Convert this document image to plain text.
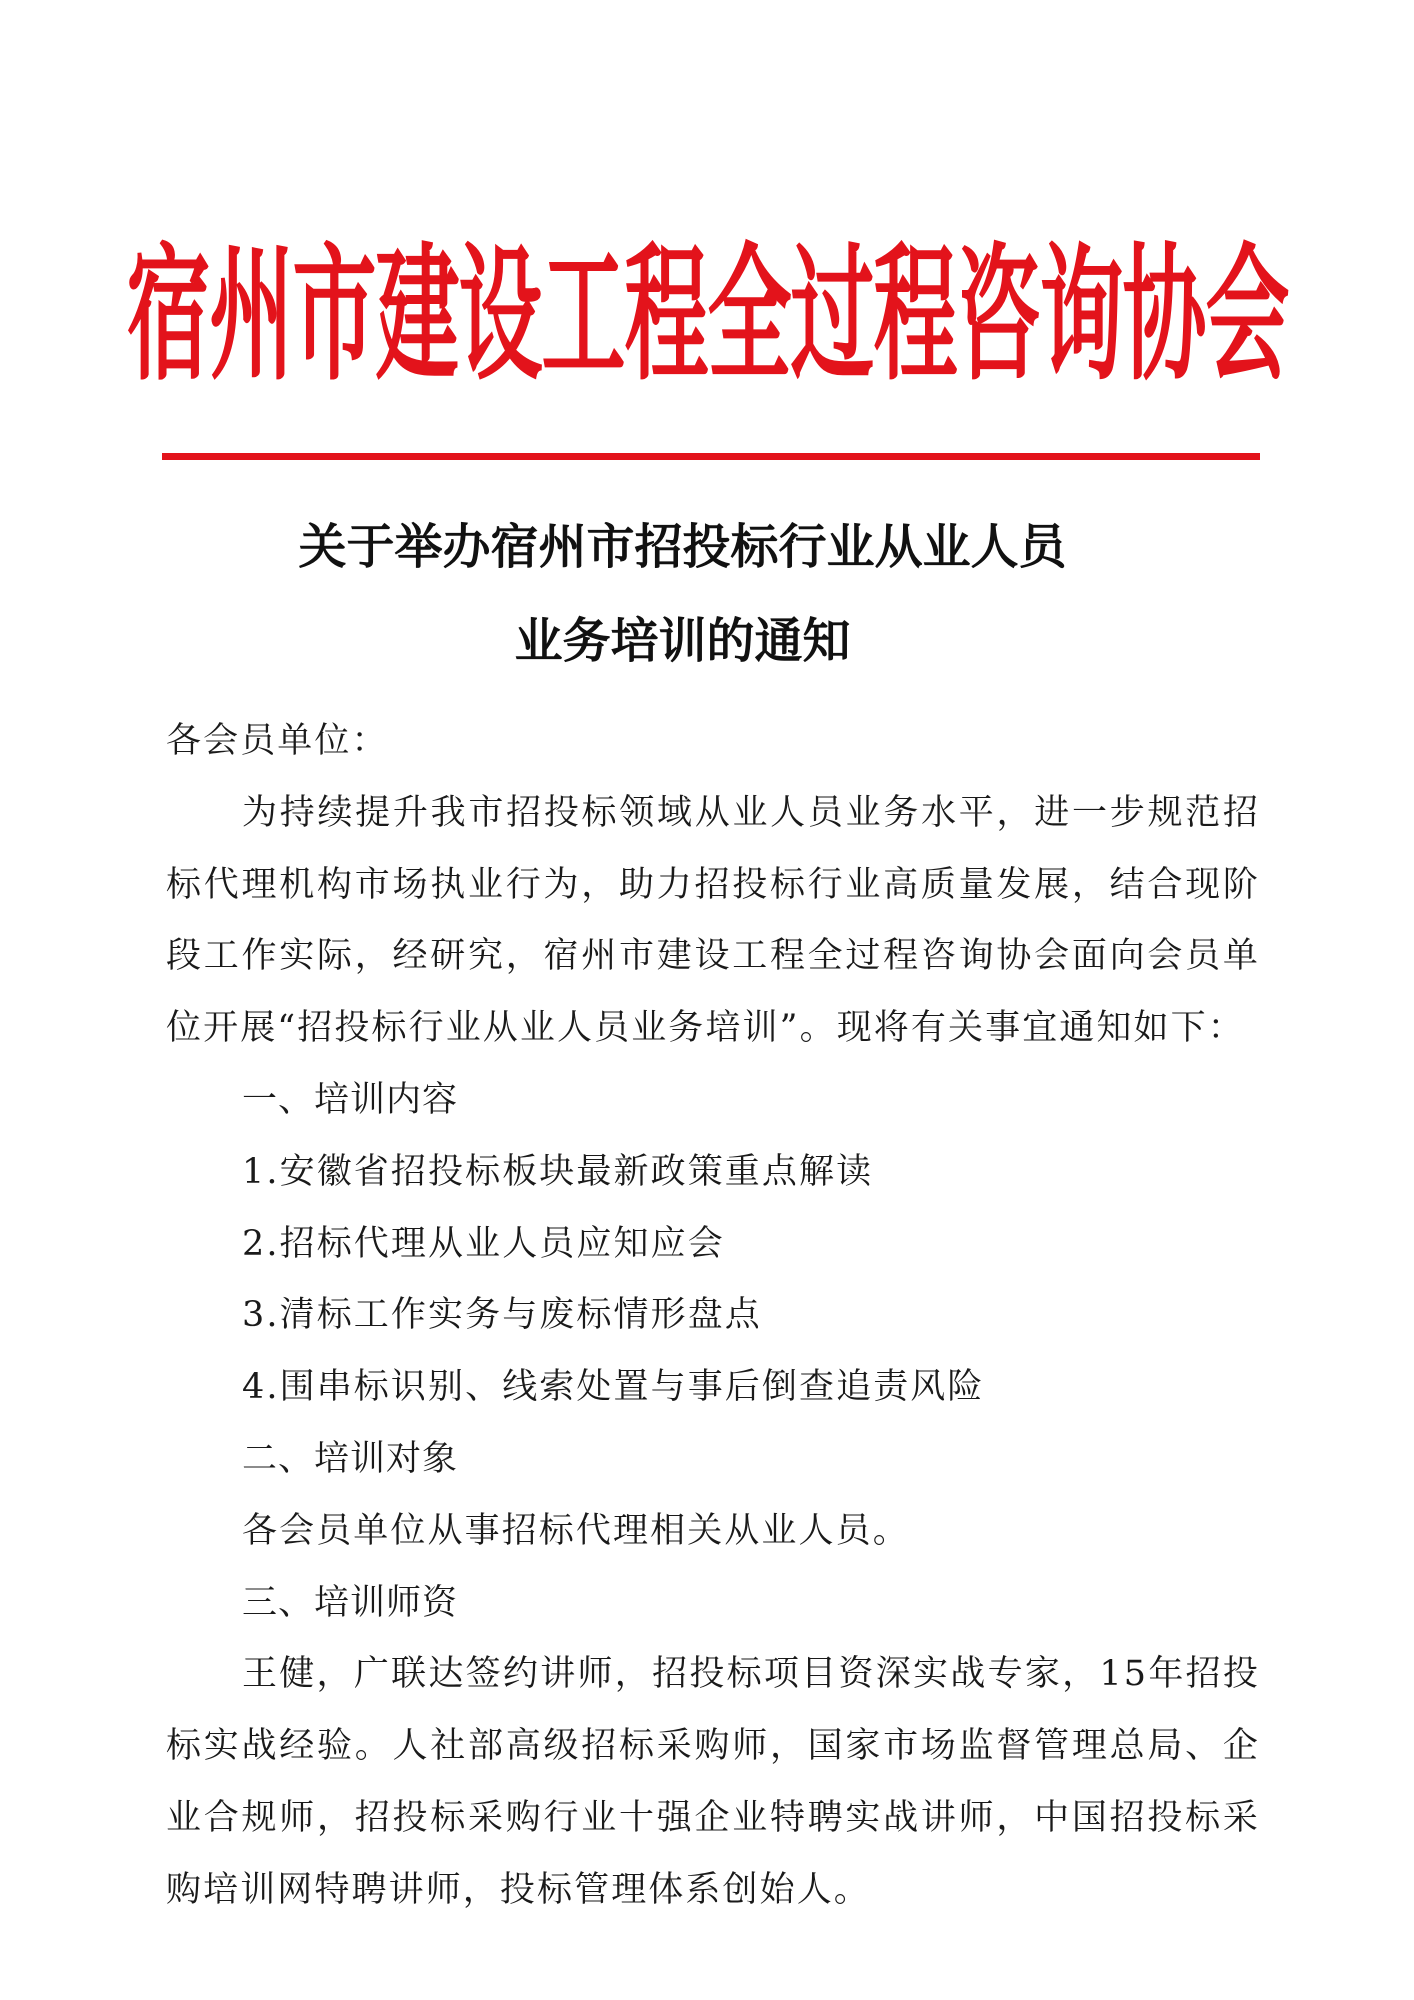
宿州市建设工程全过程咨询协会
关于举办宿州市招投标行业从业人员
业务培训的通知

各会员单位：

为持续提升我市招投标领域从业人员业务水平，进一步规范招标代理机构市场执业行为，助力招投标行业高质量发展，结合现阶段工作实际，经研究，宿州市建设工程全过程咨询协会面向会员单位开展“招投标行业从业人员业务培训”。现将有关事宜通知如下：

一、培训内容

1.安徽省招投标板块最新政策重点解读

2.招标代理从业人员应知应会

3.清标工作实务与废标情形盘点

4.围串标识别、线索处置与事后倒查追责风险

二、培训对象

各会员单位从事招标代理相关从业人员。

三、培训师资

王健，广联达签约讲师，招投标项目资深实战专家，15年招投标实战经验。人社部高级招标采购师，国家市场监督管理总局、企业合规师，招投标采购行业十强企业特聘实战讲师，中国招投标采购培训网特聘讲师，投标管理体系创始人。
